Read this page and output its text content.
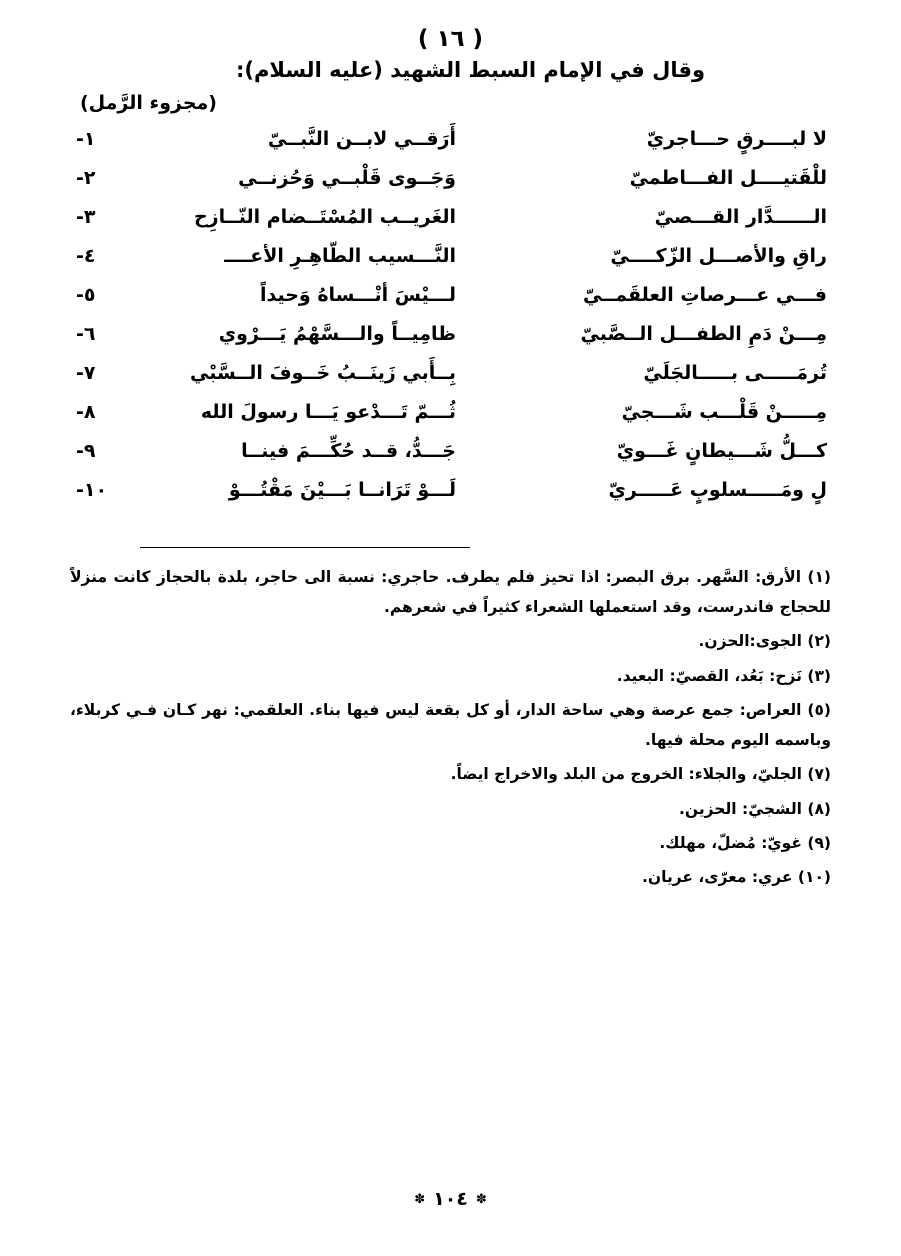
( ١٦ )
وقال في الإمام السبط الشهيد (عليه السلام):
(مجزوء الرَّمل)
لا لبــــرقٍ حـــاجريّ
أَرَقــي لابــن النَّبــيّ
١-
للْقَتيــــل الفـــاطميّ
وَجَــوى قَلْبــي وَحُزنــي
٢-
الــــــدَّار القـــصيّ
الغَريــب المُسْتَــضام النّــازِح
٣-
راقِ والأصـــل الزّكــــيّ
النَّـــسيب الطّاهِـرِ الأعــــ
٤-
فـــي عـــرصاتِ العلقَمــيّ
لـــيْسَ أنْـــساهُ وَحيداً
٥-
مِـــنْ دَمِ الطفـــل الــصَّبيّ
ظامِيــاً والـــسَّهْمُ يَـــرْوي
٦-
تُرمَـــــى بـــــالجَلَيّ
بِــأَبي زَينَــبُ خَــوفَ الــسَّبْي
٧-
مِـــــنْ قَلْـــب شَـــجيّ
ثُـــمّ تَـــدْعو يَـــا رسولَ الله
٨-
كـــلُّ شَـــيطانٍ غَـــويّ
جَـــدُّ، قــد حُكِّـــمَ فينــا
٩-
لٍ ومَـــــسلوبٍ عَـــــريّ
لَـــوْ تَرَانــا بَـــيْنَ مَقْتُـــوْ
١٠-
(١) الأرق: السَّهر. برق البصر: اذا تحيز فلم يطرف. حاجري: نسبة الى حاجر، بلدة بالحجاز كانت منزلاً للحجاج فاندرست، وقد استعملها الشعراء كثيراً في شعرهم.
(٢) الجوى:الحزن.
(٣) نَزح: بَعُد، القصيّ: البعيد.
(٥) العراص: جمع عرصة وهي ساحة الدار، أو كل بقعة ليس فيها بناء. العلقمي: نهر كـان فـي كربلاء، وباسمه اليوم محلة فيها.
(٧) الجليّ، والجلاء: الخروج من البلد والاخراج ايضاً.
(٨) الشجيّ: الحزين.
(٩) غويّ: مُضلّ، مهلك.
(١٠) عري: معرّى، عريان.
✽١٠٤✽
